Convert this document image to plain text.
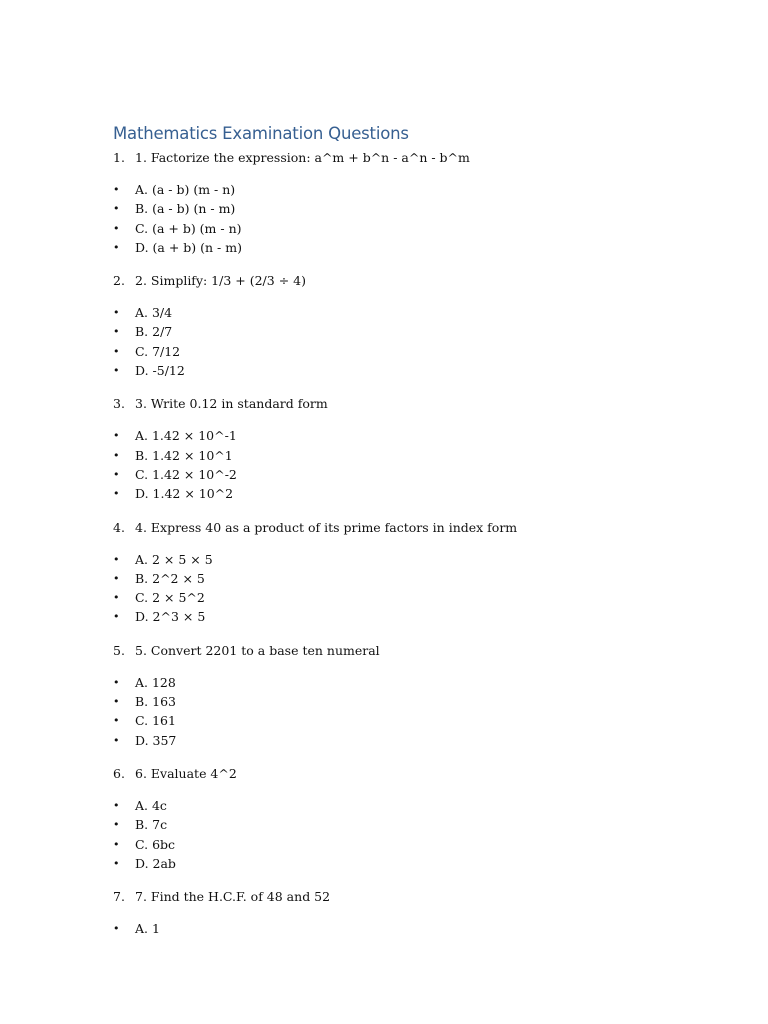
Mathematics Examination Questions
1. 1. Factorize the expression: a^m + b^n - a^n - b^m
• A. (a - b) (m - n)
• B. (a - b) (n - m)
• C. (a + b) (m - n)
• D. (a + b) (n - m)
2. 2. Simplify: 1/3 + (2/3 ÷ 4)
• A. 3/4
• B. 2/7
• C. 7/12
• D. -5/12
3. 3. Write 0.12 in standard form
• A. 1.42 × 10^-1
• B. 1.42 × 10^1
• C. 1.42 × 10^-2
• D. 1.42 × 10^2
4. 4. Express 40 as a product of its prime factors in index form
• A. 2 × 5 × 5
• B. 2^2 × 5
• C. 2 × 5^2
• D. 2^3 × 5
5. 5. Convert 2201 to a base ten numeral
• A. 128
• B. 163
• C. 161
• D. 357
6. 6. Evaluate 4^2
• A. 4c
• B. 7c
• C. 6bc
• D. 2ab
7. 7. Find the H.C.F. of 48 and 52
• A. 1
